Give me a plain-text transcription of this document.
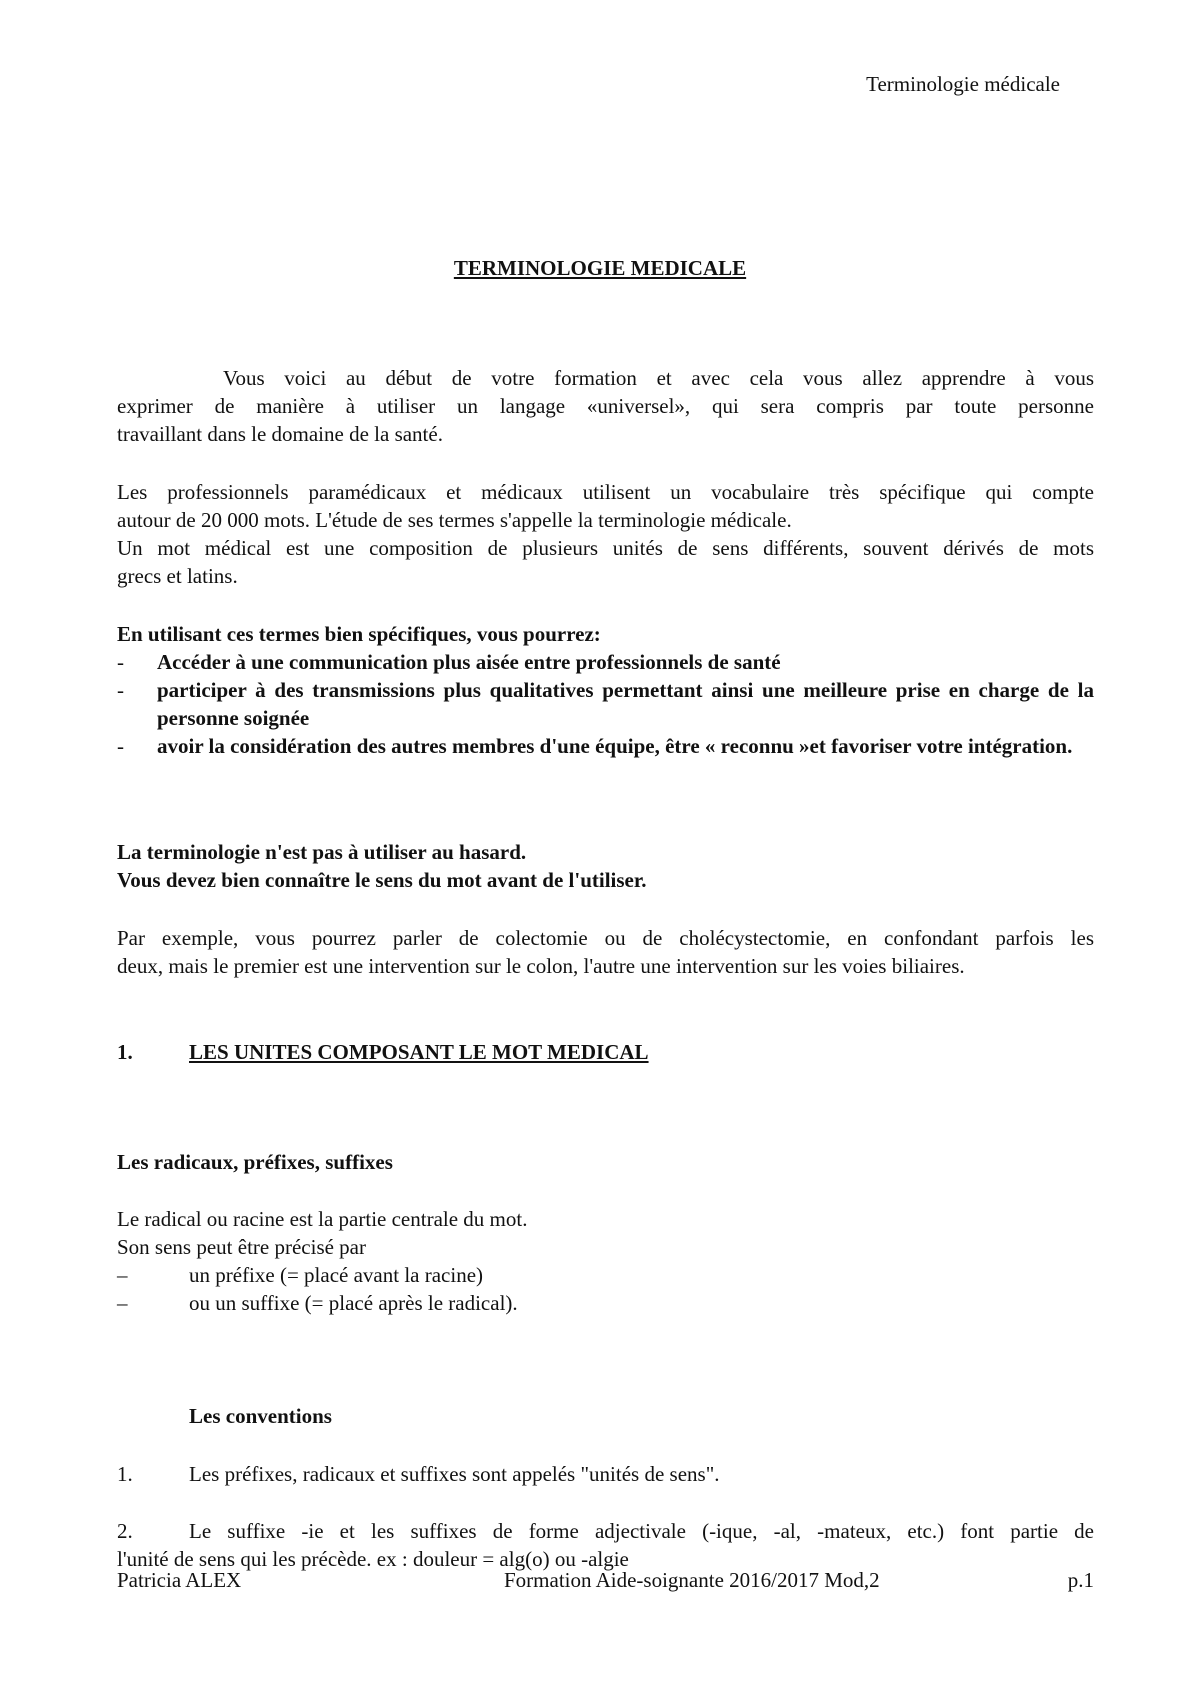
Terminologie médicale
TERMINOLOGIE MEDICALE

Vous voici au début de votre formation et avec cela vous allez apprendre à vous

exprimer de manière à utiliser un langage «universel», qui sera compris par toute personne

travaillant dans le domaine de la santé.

Les professionnels paramédicaux et médicaux utilisent un vocabulaire très spécifique qui compte

autour de 20 000 mots. L'étude de ses termes s'appelle la terminologie médicale.

Un mot médical est une composition de plusieurs unités de sens différents, souvent dérivés de mots

grecs et latins.

En utilisant ces termes bien spécifiques, vous pourrez:

- Accéder à une communication plus aisée entre professionnels de santé
- participer à des transmissions plus qualitatives permettant ainsi une meilleure prise en charge de la personne soignée
- avoir la considération des autres membres d'une équipe, être « reconnu »et favoriser votre intégration.

La terminologie n'est pas à utiliser au hasard.

Vous devez bien connaître le sens du mot avant de l'utiliser.

Par exemple, vous pourrez parler de colectomie ou de cholécystectomie, en confondant parfois les

deux, mais le premier est une intervention sur le colon, l'autre une intervention sur les voies biliaires.

1.	LES UNITES COMPOSANT LE MOT MEDICAL
Les radicaux, préfixes, suffixes

Le radical ou racine est la partie centrale du mot.

Son sens peut être précisé par

–	un préfixe (= placé avant la racine)

–	ou un suffixe (= placé après le radical).

Les conventions

1.	Les préfixes, radicaux et suffixes sont appelés "unités de sens".

2.	Le suffixe -ie et les suffixes de forme adjectivale (-ique, -al, -mateux, etc.) font partie de

l'unité de sens qui les précède. ex : douleur = alg(o) ou -algie

Patricia ALEX	Formation Aide-soignante 2016/2017 Mod,2	p.1
